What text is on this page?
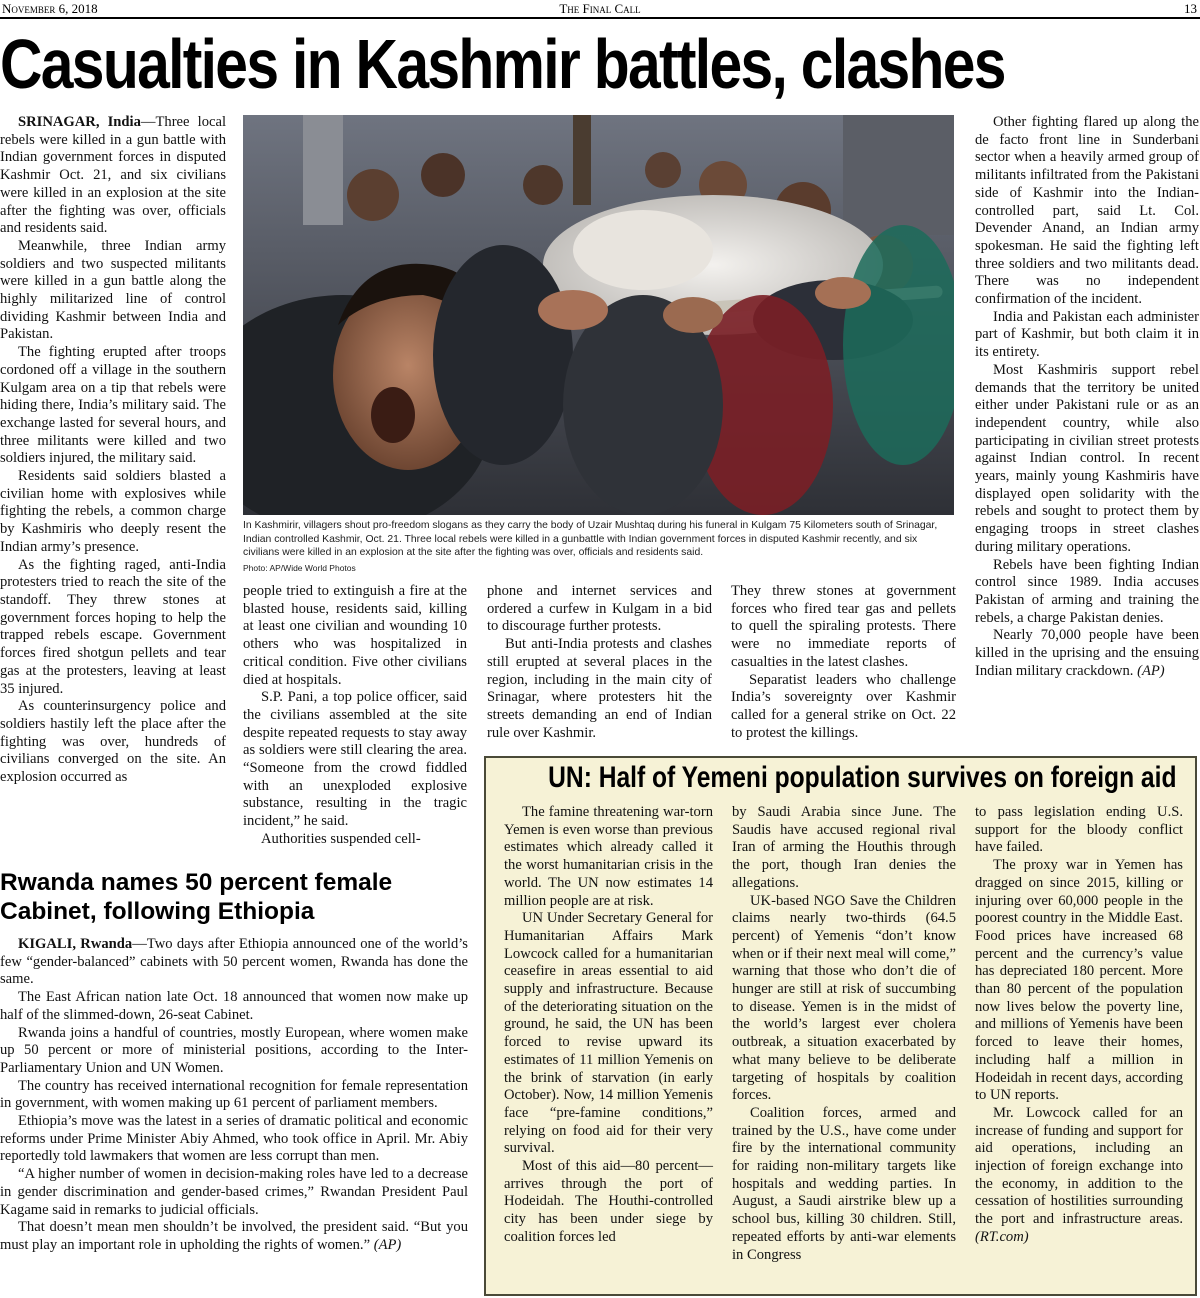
November 6, 2018	The Final Call	13
Casualties in Kashmir battles, clashes

SRINAGAR, India—Three local rebels were killed in a gun battle with Indian government forces in disputed Kashmir Oct. 21, and six civilians were killed in an explosion at the site after the fighting was over, officials and residents said.

Meanwhile, three Indian army soldiers and two suspected militants were killed in a gun battle along the highly militarized line of control dividing Kashmir between India and Pakistan.

The fighting erupted after troops cordoned off a village in the southern Kulgam area on a tip that rebels were hiding there, India’s military said. The exchange lasted for several hours, and three militants were killed and two soldiers injured, the military said.

Residents said soldiers blasted a civilian home with explosives while fighting the rebels, a common charge by Kashmiris who deeply resent the Indian army’s presence.

As the fighting raged, anti-India protesters tried to reach the site of the standoff. They threw stones at government forces hoping to help the trapped rebels escape. Government forces fired shotgun pellets and tear gas at the protesters, leaving at least 35 injured.

As counterinsurgency police and soldiers hastily left the place after the fighting was over, hundreds of civilians converged on the site. An explosion occurred as

In Kashmirir, villagers shout pro-freedom slogans as they carry the body of Uzair Mushtaq during his funeral in Kulgam 75 Kilometers south of Srinagar, Indian controlled Kashmir, Oct. 21. Three local rebels were killed in a gunbattle with Indian government forces in disputed Kashmir recently, and six civilians were killed in an explosion at the site after the fighting was over, officials and residents said.
Photo: AP/Wide World Photos

people tried to extinguish a fire at the blasted house, residents said, killing at least one civilian and wounding 10 others who was hospitalized in critical condition. Five other civilians died at hospitals.

S.P. Pani, a top police officer, said the civilians assembled at the site despite repeated requests to stay away as soldiers were still clearing the area. “Someone from the crowd fiddled with an unexploded explosive substance, resulting in the tragic incident,” he said.

Authorities suspended cell-

phone and internet services and ordered a curfew in Kulgam in a bid to discourage further protests.

But anti-India protests and clashes still erupted at several places in the region, including in the main city of Srinagar, where protesters hit the streets demanding an end of Indian rule over Kashmir.

They threw stones at government forces who fired tear gas and pellets to quell the spiraling protests. There were no immediate reports of casualties in the latest clashes.

Separatist leaders who challenge India’s sovereignty over Kashmir called for a general strike on Oct. 22 to protest the killings.

Other fighting flared up along the de facto front line in Sunderbani sector when a heavily armed group of militants infiltrated from the Pakistani side of Kashmir into the Indian-controlled part, said Lt. Col. Devender Anand, an Indian army spokesman. He said the fighting left three soldiers and two militants dead. There was no independent confirmation of the incident.

India and Pakistan each administer part of Kashmir, but both claim it in its entirety.

Most Kashmiris support rebel demands that the territory be united either under Pakistani rule or as an independent country, while also participating in civilian street protests against Indian control. In recent years, mainly young Kashmiris have displayed open solidarity with the rebels and sought to protect them by engaging troops in street clashes during military operations.

Rebels have been fighting Indian control since 1989. India accuses Pakistan of arming and training the rebels, a charge Pakistan denies.

Nearly 70,000 people have been killed in the uprising and the ensuing Indian military crackdown. (AP)

Rwanda names 50 percent female Cabinet, following Ethiopia

KIGALI, Rwanda—Two days after Ethiopia announced one of the world’s few “gender-balanced” cabinets with 50 percent women, Rwanda has done the same.

The East African nation late Oct. 18 announced that women now make up half of the slimmed-down, 26-seat Cabinet.

Rwanda joins a handful of countries, mostly European, where women make up 50 percent or more of ministerial positions, according to the Inter-Parliamentary Union and UN Women.

The country has received international recognition for female representation in government, with women making up 61 percent of parliament members.

Ethiopia’s move was the latest in a series of dramatic political and economic reforms under Prime Minister Abiy Ahmed, who took office in April. Mr. Abiy reportedly told lawmakers that women are less corrupt than men.

“A higher number of women in decision-making roles have led to a decrease in gender discrimination and gender-based crimes,” Rwandan President Paul Kagame said in remarks to judicial officials.

That doesn’t mean men shouldn’t be involved, the president said. “But you must play an important role in upholding the rights of women.” (AP)

UN: Half of Yemeni population survives on foreign aid

The famine threatening war-torn Yemen is even worse than previous estimates which already called it the worst humanitarian crisis in the world. The UN now estimates 14 million people are at risk.

UN Under Secretary General for Humanitarian Affairs Mark Lowcock called for a humanitarian ceasefire in areas essential to aid supply and infrastructure. Because of the deteriorating situation on the ground, he said, the UN has been forced to revise upward its estimates of 11 million Yemenis on the brink of starvation (in early October). Now, 14 million Yemenis face “pre-famine conditions,” relying on food aid for their very survival.

Most of this aid—80 percent—arrives through the port of Hodeidah. The Houthi-controlled city has been under siege by coalition forces led

by Saudi Arabia since June. The Saudis have accused regional rival Iran of arming the Houthis through the port, though Iran denies the allegations.

UK-based NGO Save the Children claims nearly two-thirds (64.5 percent) of Yemenis “don’t know when or if their next meal will come,” warning that those who don’t die of hunger are still at risk of succumbing to disease. Yemen is in the midst of the world’s largest ever cholera outbreak, a situation exacerbated by what many believe to be deliberate targeting of hospitals by coalition forces.

Coalition forces, armed and trained by the U.S., have come under fire by the international community for raiding non-military targets like hospitals and wedding parties. In August, a Saudi airstrike blew up a school bus, killing 30 children. Still, repeated efforts by anti-war elements in Congress

to pass legislation ending U.S. support for the bloody conflict have failed.

The proxy war in Yemen has dragged on since 2015, killing or injuring over 60,000 people in the poorest country in the Middle East. Food prices have increased 68 percent and the currency’s value has depreciated 180 percent. More than 80 percent of the population now lives below the poverty line, and millions of Yemenis have been forced to leave their homes, including half a million in Hodeidah in recent days, according to UN reports.

Mr. Lowcock called for an increase of funding and support for aid operations, including an injection of foreign exchange into the economy, in addition to the cessation of hostilities surrounding the port and infrastructure areas. (RT.com)
